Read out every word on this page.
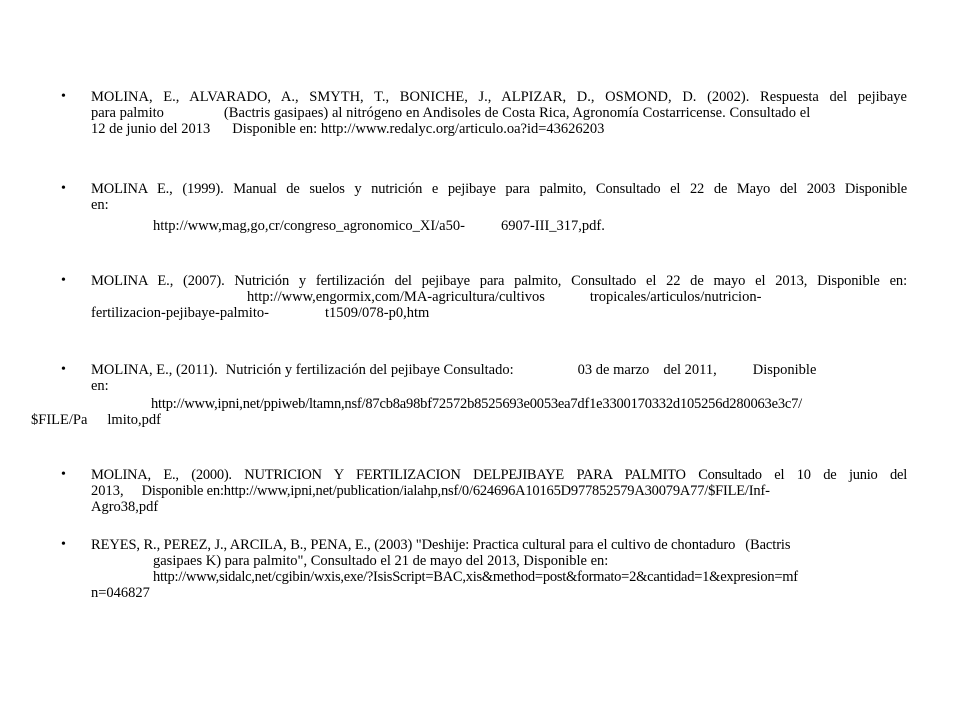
• MOLINA, E., ALVARADO, A., SMYTH, T., BONICHE, J., ALPIZAR, D., OSMOND, D. (2002). Respuesta del pejibaye
para palmito	(Bactris gasipaes) al nitrógeno en Andisoles de Costa Rica, Agronomía Costarricense. Consultado el
12 de junio del 2013 Disponible en: http://www.redalyc.org/articulo.oa?id=43626203
• MOLINA E., (1999). Manual de suelos y nutrición e pejibaye para palmito, Consultado el 22 de Mayo del 2003 Disponible
en:
http://www,mag,go,cr/congreso_agronomico_XI/a50- 6907-III_317,pdf.
• MOLINA E., (2007). Nutrición y fertilización del pejibaye para palmito, Consultado el 22 de mayo el 2013, Disponible en:
http://www,engormix,com/MA-agricultura/cultivos	tropicales/articulos/nutricion-
fertilizacion-pejibaye-palmito-	t1509/078-p0,htm
• MOLINA, E., (2011). Nutrición y fertilización del pejibaye Consultado:	03 de marzo del 2011, Disponible
en:
http://www,ipni,net/ppiweb/ltamn,nsf/87cb8a98bf72572b8525693e0053ea7df1e3300170332d105256d280063e3c7/
$FILE/Pa lmito,pdf
• MOLINA, E., (2000). NUTRICION Y FERTILIZACION DELPEJIBAYE PARA PALMITO Consultado el 10 de junio del
2013, Disponible en:http://www,ipni,net/publication/ialahp,nsf/0/624696A10165D977852579A30079A77/$FILE/Inf-
Agro38,pdf
• REYES, R., PEREZ, J., ARCILA, B., PENA, E., (2003) "Deshije: Practica cultural para el cultivo de chontaduro (Bactris
gasipaes K) para palmito", Consultado el 21 de mayo del 2013, Disponible en:
http://www,sidalc,net/cgibin/wxis,exe/?IsisScript=BAC,xis&method=post&formato=2&cantidad=1&expresion=mf
n=046827
